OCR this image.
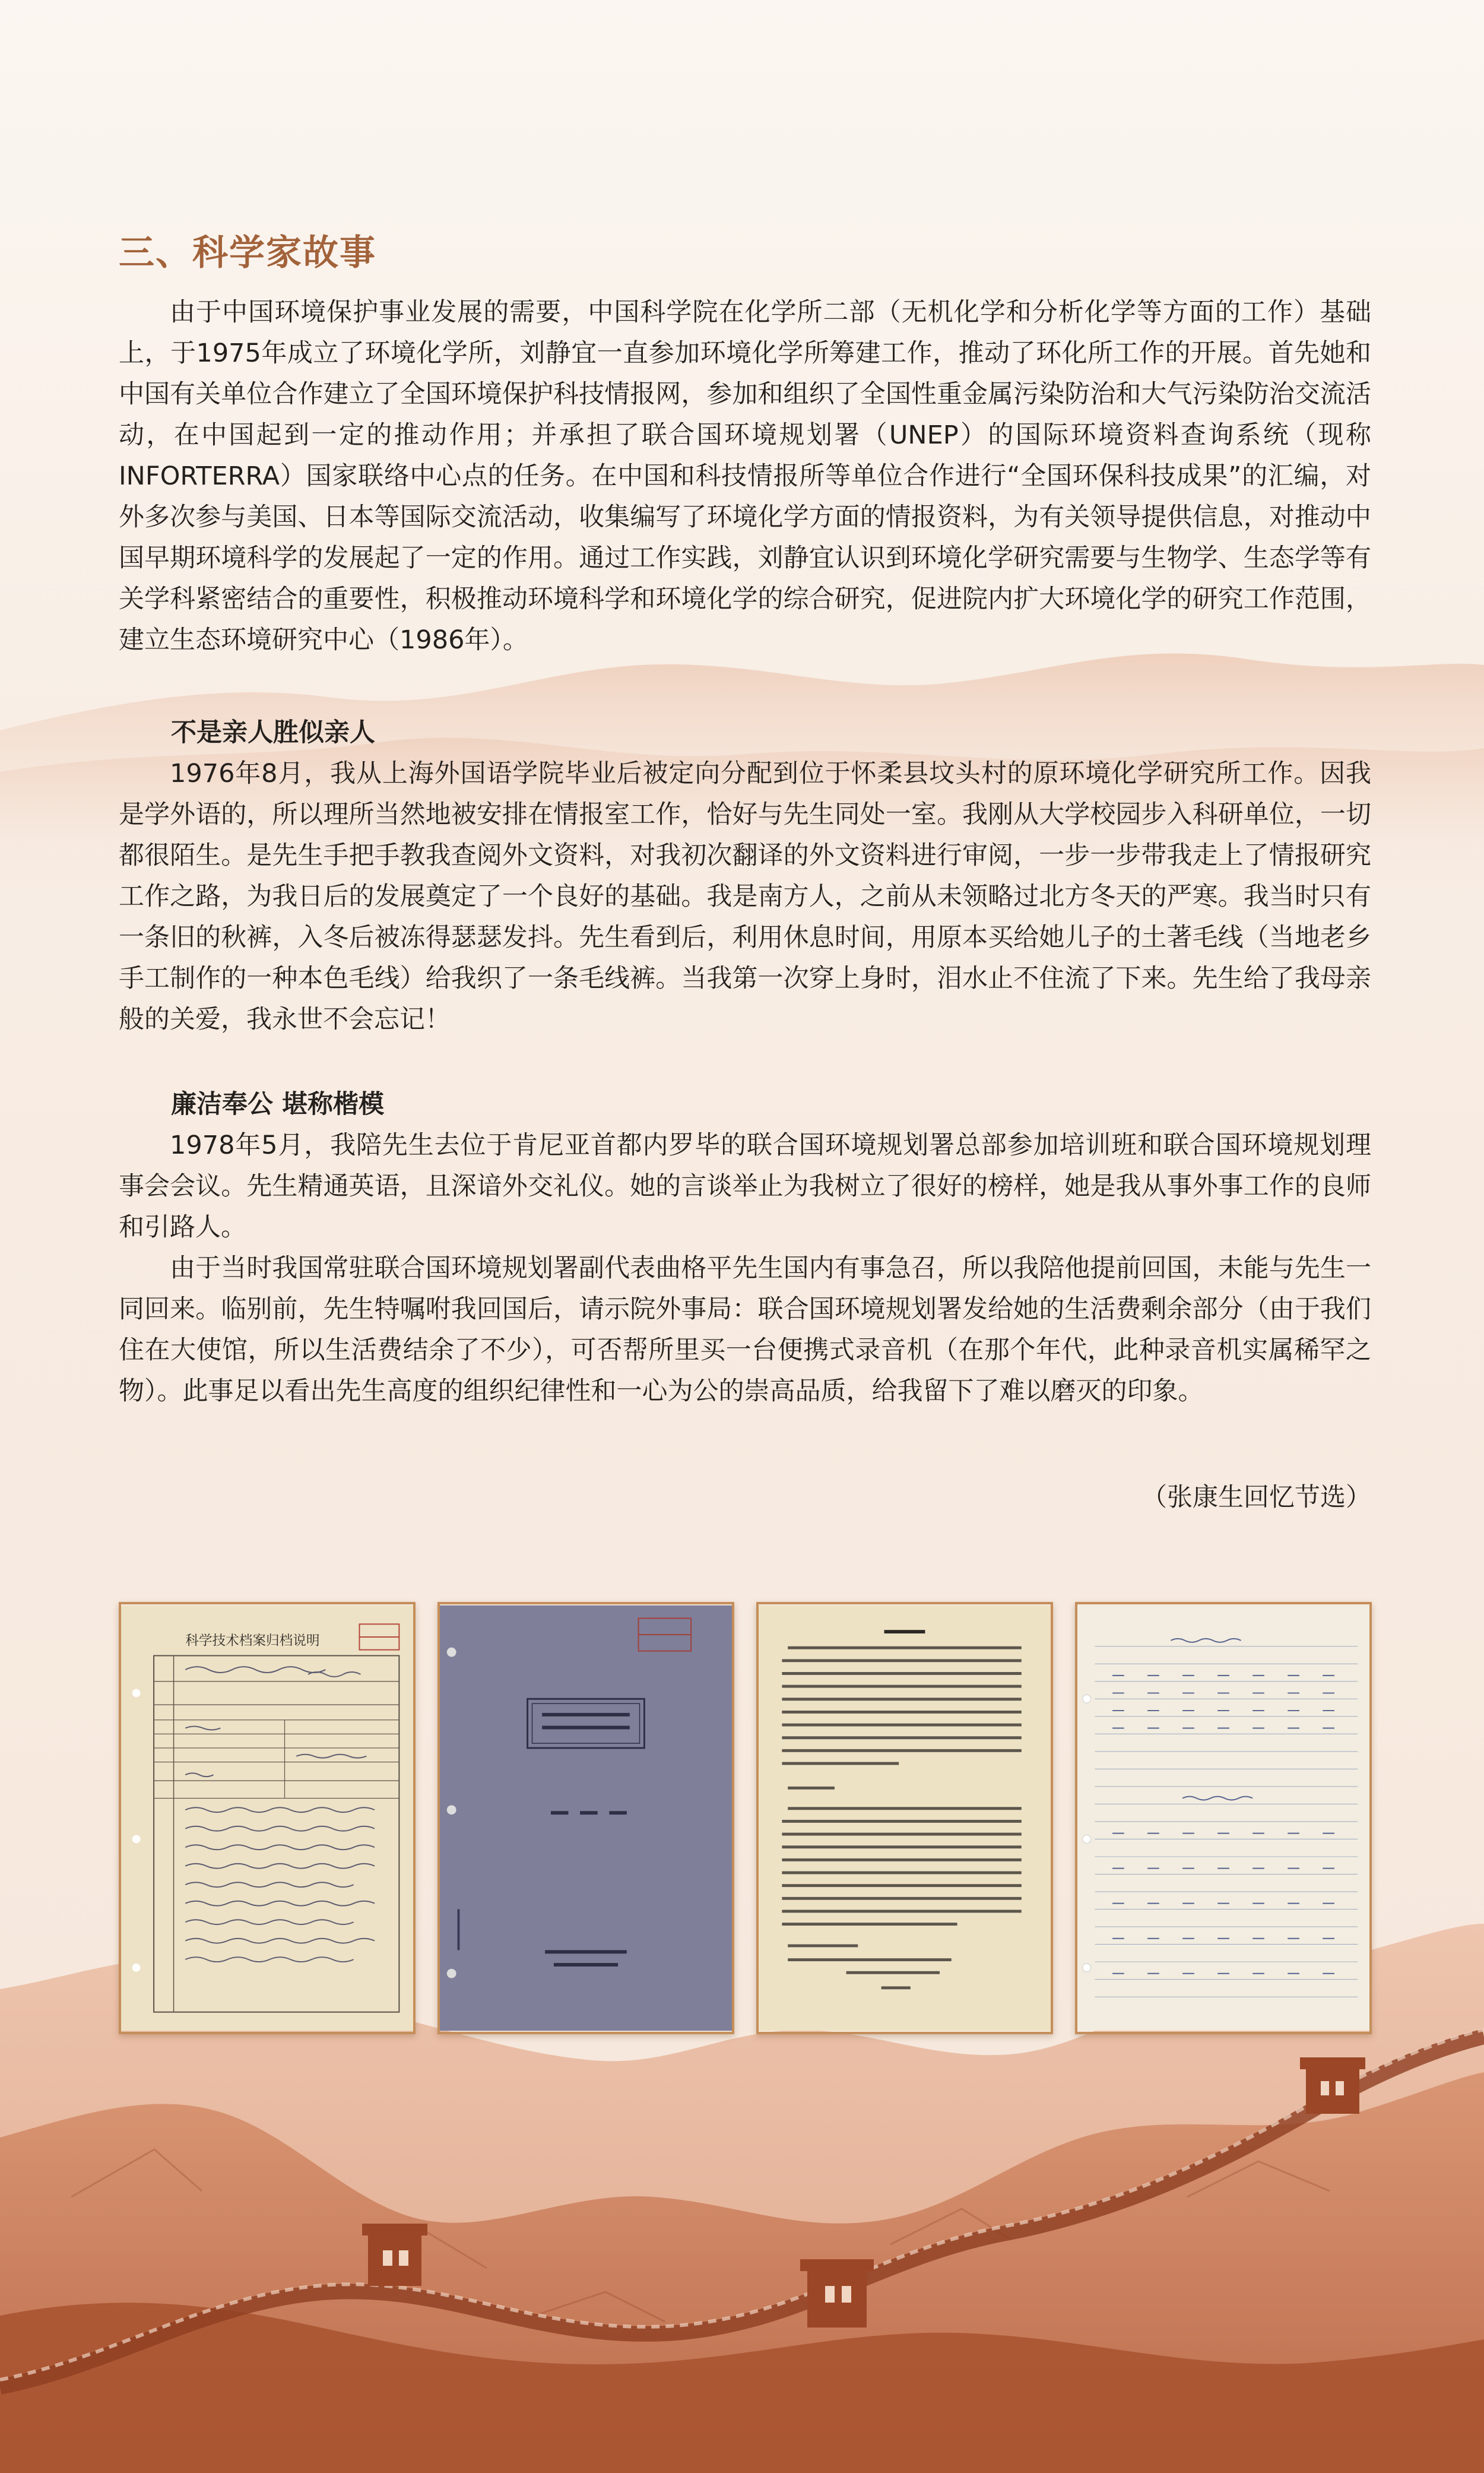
三、科学家故事

由于中国环境保护事业发展的需要，中国科学院在化学所二部（无机化学和分析化学等方面的工作）基础上，于1975年成立了环境化学所，刘静宜一直参加环境化学所筹建工作，推动了环化所工作的开展。首先她和中国有关单位合作建立了全国环境保护科技情报网，参加和组织了全国性重金属污染防治和大气污染防治交流活动，在中国起到一定的推动作用；并承担了联合国环境规划署（UNEP）的国际环境资料查询系统（现称INFORTERRA）国家联络中心点的任务。在中国和科技情报所等单位合作进行“全国环保科技成果”的汇编，对外多次参与美国、日本等国际交流活动，收集编写了环境化学方面的情报资料，为有关领导提供信息，对推动中国早期环境科学的发展起了一定的作用。通过工作实践，刘静宜认识到环境化学研究需要与生物学、生态学等有关学科紧密结合的重要性，积极推动环境科学和环境化学的综合研究，促进院内扩大环境化学的研究工作范围，建立生态环境研究中心（1986年）。

不是亲人胜似亲人

1976年8月，我从上海外国语学院毕业后被定向分配到位于怀柔县坟头村的原环境化学研究所工作。因我是学外语的，所以理所当然地被安排在情报室工作，恰好与先生同处一室。我刚从大学校园步入科研单位，一切都很陌生。是先生手把手教我查阅外文资料，对我初次翻译的外文资料进行审阅，一步一步带我走上了情报研究工作之路，为我日后的发展奠定了一个良好的基础。我是南方人，之前从未领略过北方冬天的严寒。我当时只有一条旧的秋裤，入冬后被冻得瑟瑟发抖。先生看到后，利用休息时间，用原本买给她儿子的土著毛线（当地老乡手工制作的一种本色毛线）给我织了一条毛线裤。当我第一次穿上身时，泪水止不住流了下来。先生给了我母亲般的关爱，我永世不会忘记！

廉洁奉公 堪称楷模

1978年5月，我陪先生去位于肯尼亚首都内罗毕的联合国环境规划署总部参加培训班和联合国环境规划理事会会议。先生精通英语，且深谙外交礼仪。她的言谈举止为我树立了很好的榜样，她是我从事外事工作的良师和引路人。

由于当时我国常驻联合国环境规划署副代表曲格平先生国内有事急召，所以我陪他提前回国，未能与先生一同回来。临别前，先生特嘱咐我回国后，请示院外事局：联合国环境规划署发给她的生活费剩余部分（由于我们住在大使馆，所以生活费结余了不少），可否帮所里买一台便携式录音机（在那个年代，此种录音机实属稀罕之物）。此事足以看出先生高度的组织纪律性和一心为公的崇高品质，给我留下了难以磨灭的印象。

（张康生回忆节选）
科学技术档案归档说明
